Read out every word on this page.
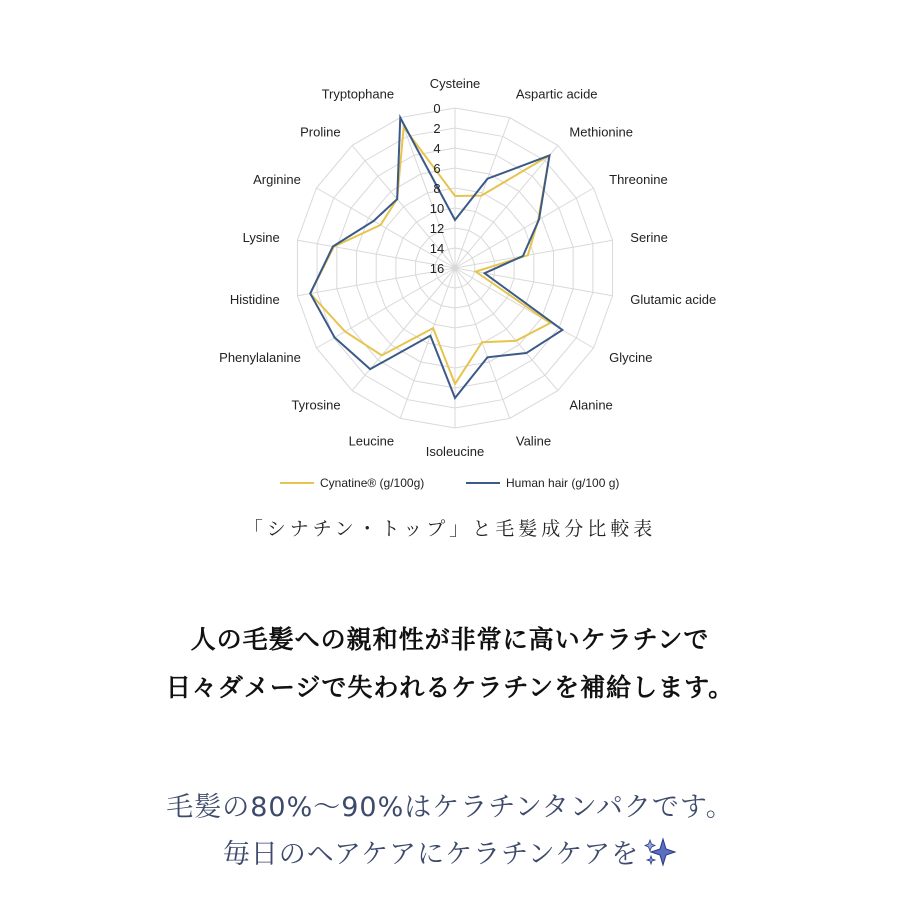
0
2
4
6
8
10
12
14
16
Cysteine
Aspartic acide
Methionine
Threonine
Serine
Glutamic acide
Glycine
Alanine
Valine
Isoleucine
Leucine
Tyrosine
Phenylalanine
Histidine
Lysine
Arginine
Proline
Tryptophane
Cynatine® (g/100g)	Human hair (g/100 g)
「シナチン・トップ」と毛髪成分比較表
人の毛髪への親和性が非常に高いケラチンで
日々ダメージで失われるケラチンを補給します。
毛髪の80%〜90%はケラチンタンパクです。
毎日のヘアケアにケラチンケアを
